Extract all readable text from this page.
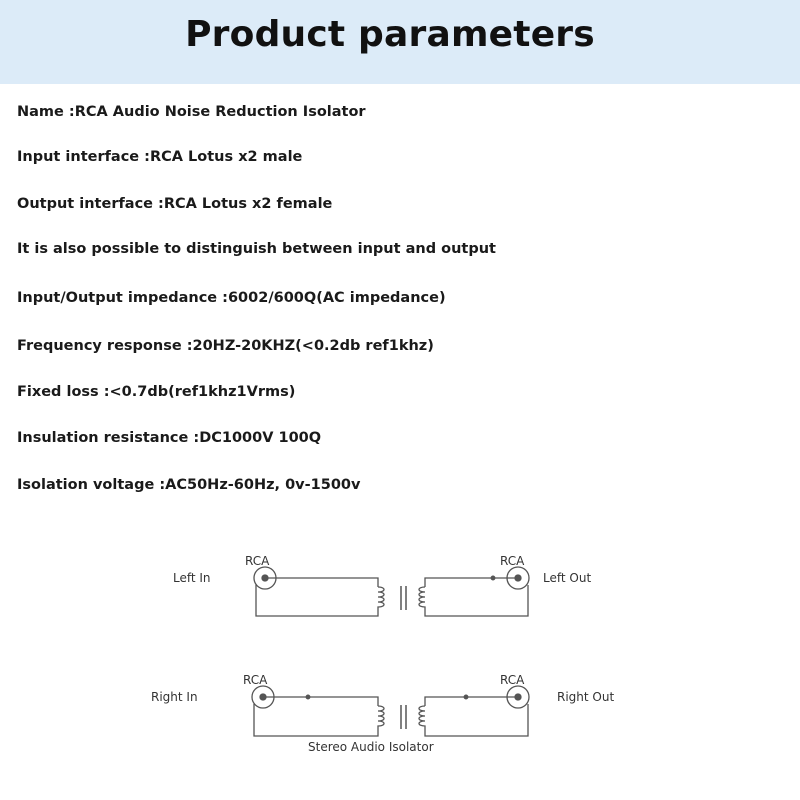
Product parameters
Name :RCA Audio Noise Reduction Isolator
Input interface :RCA Lotus x2 male
Output interface :RCA Lotus x2 female
It is also possible to distinguish between input and output
Input/Output impedance :6002/600Q(AC impedance)
Frequency response :20HZ-20KHZ(<0.2db ref1khz)
Fixed loss :<0.7db(ref1khz1Vrms)
Insulation resistance :DC1000V 100Q
Isolation voltage :AC50Hz-60Hz, 0v-1500v
RCA	RCA
Left In	Left Out
RCA	RCA
Right In	Right Out
Stereo Audio Isolator
